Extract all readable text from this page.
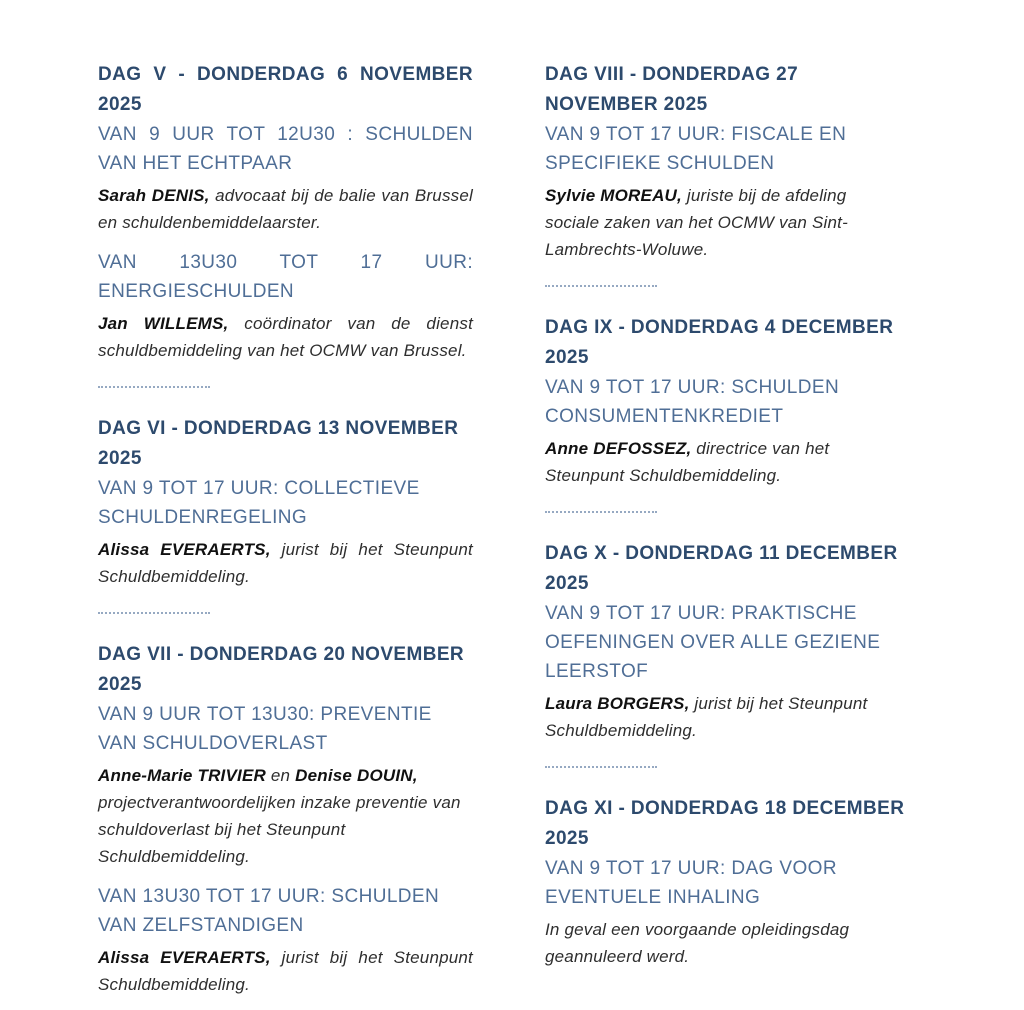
DAG V - DONDERDAG 6 NOVEMBER 2025

VAN 9 UUR TOT 12U30 : SCHULDEN VAN HET ECHTPAAR

Sarah DENIS, advocaat bij de balie van Brussel en schuldenbemiddelaarster.

VAN 13U30 TOT 17 UUR: ENERGIESCHULDEN

Jan WILLEMS, coördinator van de dienst schuldbemiddeling van het OCMW van Brussel.

DAG VI - DONDERDAG 13 NOVEMBER 2025

VAN 9 TOT 17 UUR: COLLECTIEVE SCHULDENREGELING

Alissa EVERAERTS, jurist bij het Steunpunt Schuldbemiddeling.

DAG VII - DONDERDAG 20 NOVEMBER 2025

VAN 9 UUR TOT 13U30: PREVENTIE VAN SCHULDOVERLAST

Anne-Marie TRIVIER en Denise DOUIN, projectverantwoordelijken inzake preventie van schuldoverlast bij het Steunpunt Schuldbemiddeling.

VAN 13U30 TOT 17 UUR: SCHULDEN VAN ZELFSTANDIGEN

Alissa EVERAERTS, jurist bij het Steunpunt Schuldbemiddeling.

DAG VIII - DONDERDAG 27 NOVEMBER 2025

VAN 9 TOT 17 UUR: FISCALE EN SPECIFIEKE SCHULDEN

Sylvie MOREAU, juriste bij de afdeling sociale zaken van het OCMW van Sint-Lambrechts-Woluwe.

DAG IX - DONDERDAG 4 DECEMBER 2025

VAN 9 TOT 17 UUR: SCHULDEN CONSUMENTENKREDIET

Anne DEFOSSEZ, directrice van het Steunpunt Schuldbemiddeling.

DAG X - DONDERDAG 11 DECEMBER 2025

VAN 9 TOT 17 UUR: PRAKTISCHE OEFENINGEN OVER ALLE GEZIENE LEERSTOF

Laura BORGERS, jurist bij het Steunpunt Schuldbemiddeling.

DAG XI - DONDERDAG 18 DECEMBER 2025

VAN 9 TOT 17 UUR: DAG VOOR EVENTUELE INHALING

In geval een voorgaande opleidingsdag geannuleerd werd.
